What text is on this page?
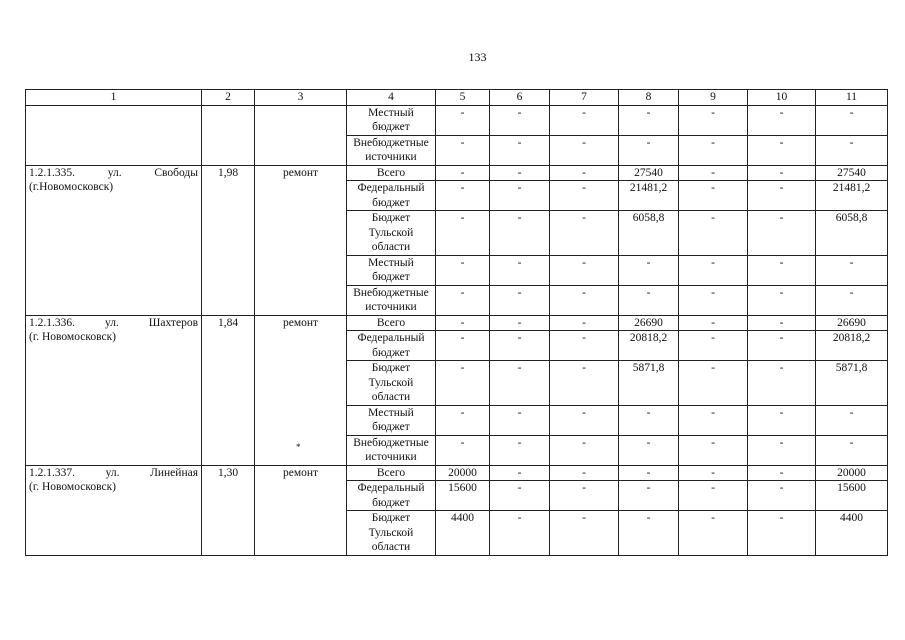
133
1	2	3	4	5	6	7	8	9	10	11

			Местный бюджет	-	-	-	-	-	-	-
			Внебюджетные источники	-	-	-	-	-	-	-
1.2.1.335. ул. Свободы
(г.Новомосковск)	1,98	ремонт	Всего	-	-	-	27540	-	-	27540
			Федеральный бюджет	-	-	-	21481,2	-	-	21481,2
			Бюджет Тульской области	-	-	-	6058,8	-	-	6058,8
			Местный бюджет	-	-	-	-	-	-	-
			Внебюджетные источники	-	-	-	-	-	-	-
1.2.1.336. ул. Шахтеров
(г. Новомосковск)	1,84	ремонт	Всего	-	-	-	26690	-	-	26690
			Федеральный бюджет	-	-	-	20818,2	-	-	20818,2
			Бюджет Тульской области	-	-	-	5871,8	-	-	5871,8
			Местный бюджет	-	-	-	-	-	-	-
			Внебюджетные источники	-	-	-	-	-	-	-
1.2.1.337. ул. Линейная
(г. Новомосковск)	1,30	ремонт	Всего	20000	-	-	-	-	-	20000
			Федеральный бюджет	15600	-	-	-	-	-	15600
			Бюджет Тульской области	4400	-	-	-	-	-	4400
*
